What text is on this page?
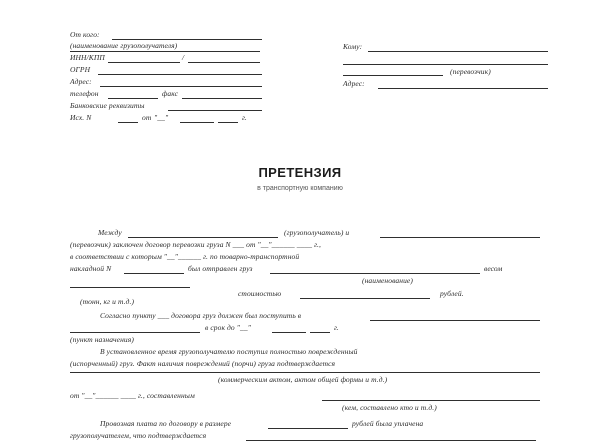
От кого:
(наименование грузополучателя)
ИНН/КПП	/
ОГРН
Адрес:
телефон	факс
Банковские реквизиты
Исх. N	от "__"	г.
Кому:
(перевозчик)
Адрес:
ПРЕТЕНЗИЯ
в транспортную компанию
Между	(грузополучатель) и
(перевозчик) заключен договор перевозки груза N ___ от "__"______ ____ г.,
в соответствии с которым "__"______ г. по товарно-транспортной
накладной N	был отправлен груз	весом
(наименование)
(тонн, кг и т.д.)
стоимостью	рублей.
Согласно пункту ___ договора груз должен был поступить в
в срок до "__"	г.
(пункт назначения)
В установленное время грузополучателю поступил полностью поврежденный
(испорченный) груз. Факт наличия повреждений (порчи) груза подтверждается
(коммерческим актом, актом общей формы и т.д.)
от "__"______ ____ г., составленным
(кем, составлено кто и т.д.)
Провозная плата по договору в размере	рублей была уплачена
грузополучателем, что подтверждается
